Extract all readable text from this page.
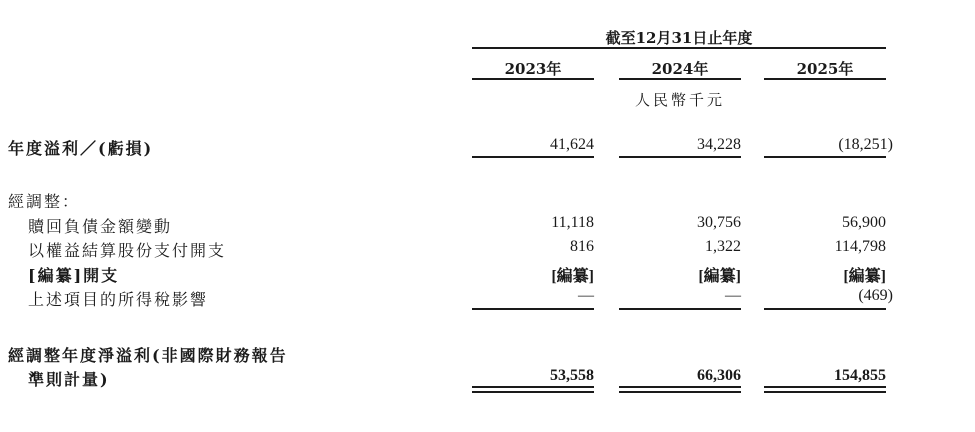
截至12月31日止年度
2023年	2024年	2025年
人民幣千元
年度溢利／(虧損)	41,624	34,228	(18,251)
經調整：
贖回負債金額變動	11,118	30,756	56,900
以權益結算股份支付開支	816	1,322	114,798
[編纂]開支	[編纂]	[編纂]	[編纂]
上述項目的所得稅影響	—	—	(469)
經調整年度淨溢利(非國際財務報告
準則計量)	53,558	66,306	154,855
